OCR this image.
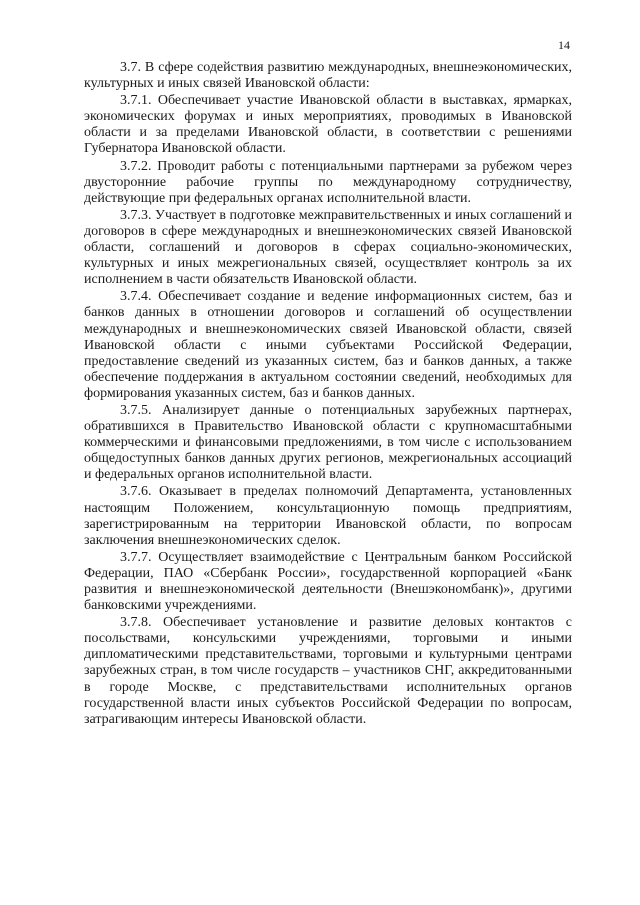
14

3.7. В сфере содействия развитию международных, внешнеэкономических, культурных и иных связей Ивановской области:

3.7.1. Обеспечивает участие Ивановской области в выставках, ярмарках, экономических форумах и иных мероприятиях, проводимых в Ивановской области и за пределами Ивановской области, в соответствии с решениями Губернатора Ивановской области.

3.7.2. Проводит работы с потенциальными партнерами за рубежом через двусторонние рабочие группы по международному сотрудничеству, действующие при федеральных органах исполнительной власти.

3.7.3. Участвует в подготовке межправительственных и иных соглашений и договоров в сфере международных и внешнеэкономических связей Ивановской области, соглашений и договоров в сферах социально-экономических, культурных и иных межрегиональных связей, осуществляет контроль за их исполнением в части обязательств Ивановской области.

3.7.4. Обеспечивает создание и ведение информационных систем, баз и банков данных в отношении договоров и соглашений об осуществлении международных и внешнеэкономических связей Ивановской области, связей Ивановской области с иными субъектами Российской Федерации, предоставление сведений из указанных систем, баз и банков данных, а также обеспечение поддержания в актуальном состоянии сведений, необходимых для формирования указанных систем, баз и банков данных.

3.7.5. Анализирует данные о потенциальных зарубежных партнерах, обратившихся в Правительство Ивановской области с крупномасштабными коммерческими и финансовыми предложениями, в том числе с использованием общедоступных банков данных других регионов, межрегиональных ассоциаций и федеральных органов исполнительной власти.

3.7.6. Оказывает в пределах полномочий Департамента, установленных настоящим Положением, консультационную помощь предприятиям, зарегистрированным на территории Ивановской области, по вопросам заключения внешнеэкономических сделок.

3.7.7. Осуществляет взаимодействие с Центральным банком Российской Федерации, ПАО «Сбербанк России», государственной корпорацией «Банк развития и внешнеэкономической деятельности (Внешэкономбанк)», другими банковскими учреждениями.

3.7.8. Обеспечивает установление и развитие деловых контактов с посольствами, консульскими учреждениями, торговыми и иными дипломатическими представительствами, торговыми и культурными центрами зарубежных стран, в том числе государств – участников СНГ, аккредитованными в городе Москве, с представительствами исполнительных органов государственной власти иных субъектов Российской Федерации по вопросам, затрагивающим интересы Ивановской области.
